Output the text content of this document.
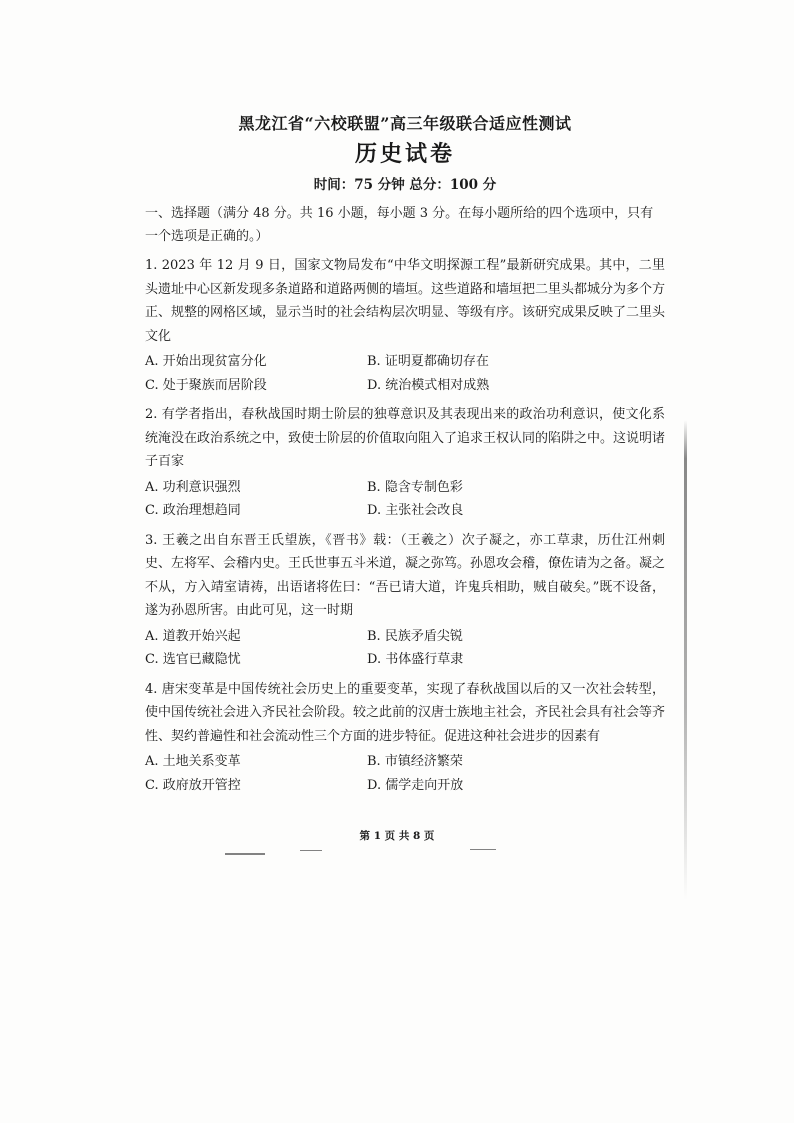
黑龙江省“六校联盟”高三年级联合适应性测试

历史试卷

时间：75 分钟 总分：100 分

一、选择题（满分 48 分。共 16 小题，每小题 3 分。在每小题所给的四个选项中，只有一个选项是正确的。）

1. 2023 年 12 月 9 日，国家文物局发布“中华文明探源工程”最新研究成果。其中，二里头遗址中心区新发现多条道路和道路两侧的墙垣。这些道路和墙垣把二里头都城分为多个方正、规整的网格区域，显示当时的社会结构层次明显、等级有序。该研究成果反映了二里头文化

A. 开始出现贫富分化	B. 证明夏都确切存在
C. 处于聚族而居阶段	D. 统治模式相对成熟

2. 有学者指出，春秋战国时期士阶层的独尊意识及其表现出来的政治功利意识，使文化系统淹没在政治系统之中，致使士阶层的价值取向阻入了追求王权认同的陷阱之中。这说明诸子百家

A. 功利意识强烈	B. 隐含专制色彩
C. 政治理想趋同	D. 主张社会改良

3. 王羲之出自东晋王氏望族，《晋书》载：（王羲之）次子凝之，亦工草隶，历仕江州刺史、左将军、会稽内史。王氏世事五斗米道，凝之弥笃。孙恩攻会稽，僚佐请为之备。凝之不从，方入靖室请祷，出语诸将佐曰：“吾已请大道，许鬼兵相助，贼自破矣。”既不设备，遂为孙恩所害。由此可见，这一时期

A. 道教开始兴起	B. 民族矛盾尖锐
C. 选官已藏隐忧	D. 书体盛行草隶

4. 唐宋变革是中国传统社会历史上的重要变革，实现了春秋战国以后的又一次社会转型，使中国传统社会进入齐民社会阶段。较之此前的汉唐士族地主社会，齐民社会具有社会等齐性、契约普遍性和社会流动性三个方面的进步特征。促进这种社会进步的因素有

A. 土地关系变革	B. 市镇经济繁荣
C. 政府放开管控	D. 儒学走向开放
第 1 页 共 8 页
